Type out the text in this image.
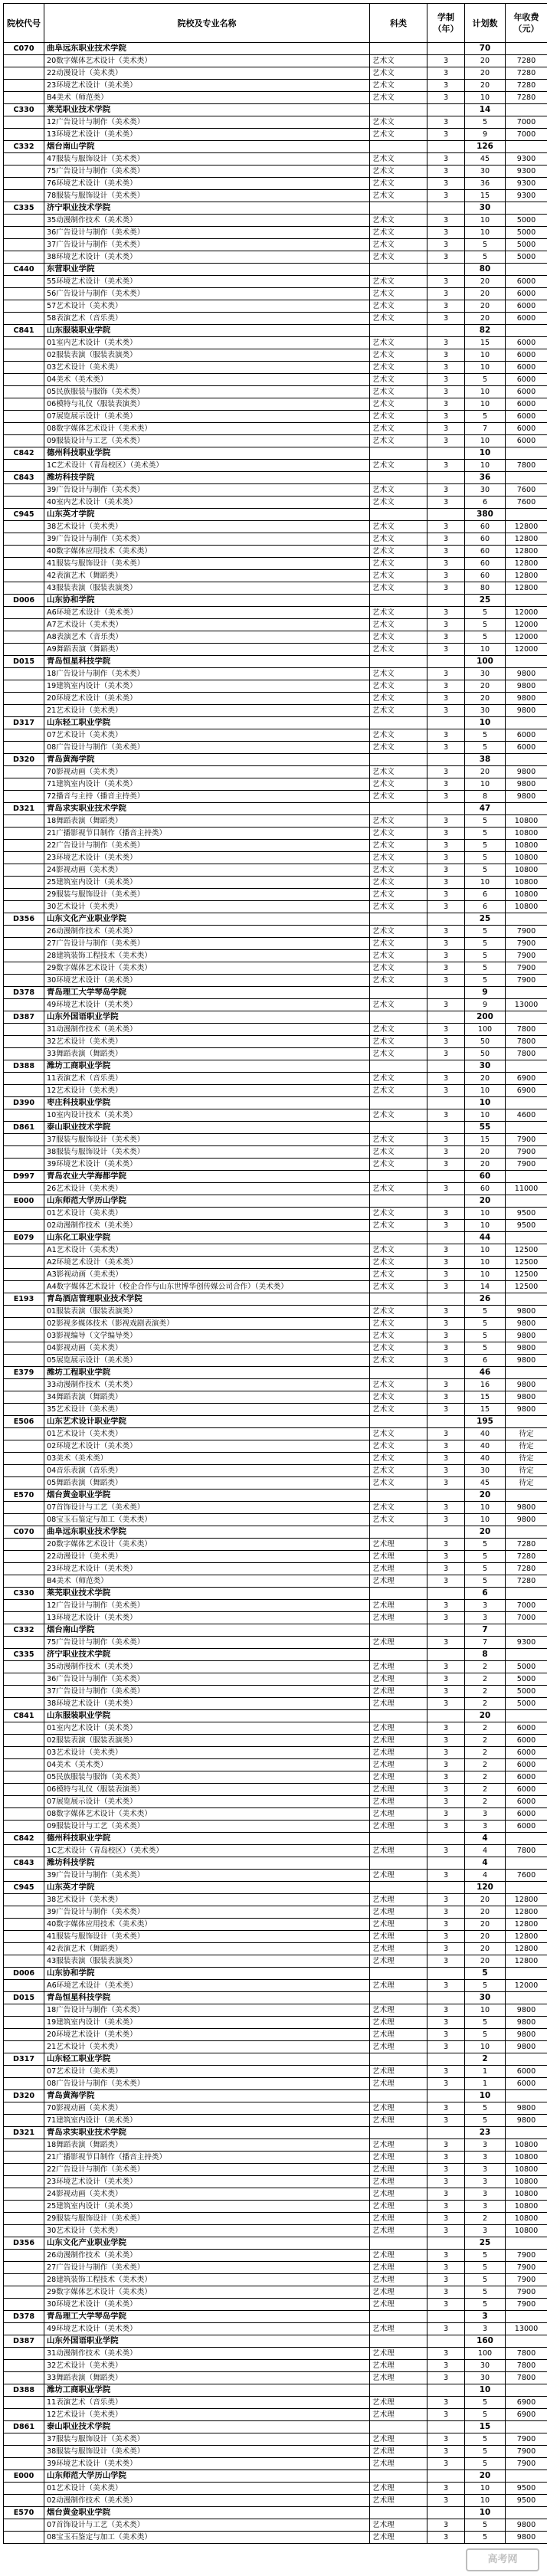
院校代号	院校及专业名称	科类	学制（年）	计划数	年收费（元）
C070	曲阜远东职业技术学院			70	
	20数字媒体艺术设计（美术类）	艺术文	3	20	7280
	22动漫设计（美术类）	艺术文	3	20	7280
	23环境艺术设计（美术类）	艺术文	3	20	7280
	B4美术（师范类）	艺术文	3	10	7280
C330	莱芜职业技术学院			14	
	12广告设计与制作（美术类）	艺术文	3	5	7000
	13环境艺术设计（美术类）	艺术文	3	9	7000
C332	烟台南山学院			126	
	47服装与服饰设计（美术类）	艺术文	3	45	9300
	75广告设计与制作（美术类）	艺术文	3	30	9300
	76环境艺术设计（美术类）	艺术文	3	36	9300
	78服装与服饰设计（美术类）	艺术文	3	15	9300
C335	济宁职业技术学院			30	
	35动漫制作技术（美术类）	艺术文	3	10	5000
	36广告设计与制作（美术类）	艺术文	3	10	5000
	37广告设计与制作（美术类）	艺术文	3	5	5000
	38环境艺术设计（美术类）	艺术文	3	5	5000
C440	东营职业学院			80	
	55环境艺术设计（美术类）	艺术文	3	20	6000
	56广告设计与制作（美术类）	艺术文	3	20	6000
	57艺术设计（美术类）	艺术文	3	20	6000
	58表演艺术（音乐类）	艺术文	3	20	6000
C841	山东服装职业学院			82	
	01室内艺术设计（美术类）	艺术文	3	15	6000
	02服装表演（服装表演类）	艺术文	3	10	6000
	03艺术设计（美术类）	艺术文	3	10	6000
	04美术（美术类）	艺术文	3	5	6000
	05民族服装与服饰（美术类）	艺术文	3	10	6000
	06模特与礼仪（服装表演类）	艺术文	3	10	6000
	07展览展示设计（美术类）	艺术文	3	5	6000
	08数字媒体艺术设计（美术类）	艺术文	3	7	6000
	09服装设计与工艺（美术类）	艺术文	3	10	6000
C842	德州科技职业学院			10	
	1C艺术设计（青岛校区）（美术类）	艺术文	3	10	7800
C843	潍坊科技学院			36	
	39广告设计与制作（美术类）	艺术文	3	30	7600
	40室内艺术设计（美术类）	艺术文	3	6	7600
C945	山东英才学院			380	
	38艺术设计（美术类）	艺术文	3	60	12800
	39广告设计与制作（美术类）	艺术文	3	60	12800
	40数字媒体应用技术（美术类）	艺术文	3	60	12800
	41服装与服饰设计（美术类）	艺术文	3	60	12800
	42表演艺术（舞蹈类）	艺术文	3	60	12800
	43服装表演（服装表演类）	艺术文	3	80	12800
D006	山东协和学院			25	
	A6环境艺术设计（美术类）	艺术文	3	5	12000
	A7艺术设计（美术类）	艺术文	3	5	12000
	A8表演艺术（音乐类）	艺术文	3	5	12000
	A9舞蹈表演（舞蹈类）	艺术文	3	10	12000
D015	青岛恒星科技学院			100	
	18广告设计与制作（美术类）	艺术文	3	30	9800
	19建筑室内设计（美术类）	艺术文	3	20	9800
	20环境艺术设计（美术类）	艺术文	3	20	9800
	21艺术设计（美术类）	艺术文	3	30	9800
D317	山东轻工职业学院			10	
	07艺术设计（美术类）	艺术文	3	5	6000
	08广告设计与制作（美术类）	艺术文	3	5	6000
D320	青岛黄海学院			38	
	70影视动画（美术类）	艺术文	3	20	9800
	71建筑室内设计（美术类）	艺术文	3	10	9800
	72播音与主持（播音主持类）	艺术文	3	8	9800
D321	青岛求实职业技术学院			47	
	18舞蹈表演（舞蹈类）	艺术文	3	5	10800
	21广播影视节目制作（播音主持类）	艺术文	3	5	10800
	22广告设计与制作（美术类）	艺术文	3	5	10800
	23环境艺术设计（美术类）	艺术文	3	5	10800
	24影视动画（美术类）	艺术文	3	5	10800
	25建筑室内设计（美术类）	艺术文	3	10	10800
	29服装与服饰设计（美术类）	艺术文	3	6	10800
	30艺术设计（美术类）	艺术文	3	6	10800
D356	山东文化产业职业学院			25	
	26动漫制作技术（美术类）	艺术文	3	5	7900
	27广告设计与制作（美术类）	艺术文	3	5	7900
	28建筑装饰工程技术（美术类）	艺术文	3	5	7900
	29数字媒体艺术设计（美术类）	艺术文	3	5	7900
	30环境艺术设计（美术类）	艺术文	3	5	7900
D378	青岛理工大学琴岛学院			9	
	49环境艺术设计（美术类）	艺术文	3	9	13000
D387	山东外国语职业学院			200	
	31动漫制作技术（美术类）	艺术文	3	100	7800
	32艺术设计（美术类）	艺术文	3	50	7800
	33舞蹈表演（舞蹈类）	艺术文	3	50	7800
D388	潍坊工商职业学院			30	
	11表演艺术（音乐类）	艺术文	3	20	6900
	12艺术设计（美术类）	艺术文	3	10	6900
D390	枣庄科技职业学院			10	
	10室内设计技术（美术类）	艺术文	3	10	4600
D861	泰山职业技术学院			55	
	37服装与服饰设计（美术类）	艺术文	3	15	7900
	38服装与服饰设计（美术类）	艺术文	3	20	7900
	39环境艺术设计（美术类）	艺术文	3	20	7900
D997	青岛农业大学海都学院			60	
	26艺术设计（美术类）	艺术文	3	60	11000
E000	山东师范大学历山学院			20	
	01艺术设计（美术类）	艺术文	3	10	9500
	02动漫制作技术（美术类）	艺术文	3	10	9500
E079	山东化工职业学院			44	
	A1艺术设计（美术类）	艺术文	3	10	12500
	A2环境艺术设计（美术类）	艺术文	3	10	12500
	A3影视动画（美术类）	艺术文	3	10	12500
	A4数字媒体艺术设计（校企合作与山东世博华创传媒公司合作）（美术类）	艺术文	3	14	12500
E193	青岛酒店管理职业技术学院			26	
	01服装表演（服装表演类）	艺术文	3	5	9800
	02影视多媒体技术（影视戏剧表演类）	艺术文	3	5	9800
	03影视编导（文学编导类）	艺术文	3	5	9800
	04影视动画（美术类）	艺术文	3	5	9800
	05展览展示设计（美术类）	艺术文	3	6	9800
E379	潍坊工程职业学院			46	
	33动漫制作技术（美术类）	艺术文	3	16	9800
	34舞蹈表演（舞蹈类）	艺术文	3	15	9800
	35艺术设计（美术类）	艺术文	3	15	9800
E506	山东艺术设计职业学院			195	
	01艺术设计（美术类）	艺术文	3	40	待定
	02环境艺术设计（美术类）	艺术文	3	40	待定
	03美术（美术类）	艺术文	3	40	待定
	04音乐表演（音乐类）	艺术文	3	30	待定
	05舞蹈表演（舞蹈类）	艺术文	3	45	待定
E570	烟台黄金职业学院			20	
	07首饰设计与工艺（美术类）	艺术文	3	10	9800
	08宝玉石鉴定与加工（美术类）	艺术文	3	10	9800
C070	曲阜远东职业技术学院			20	
	20数字媒体艺术设计（美术类）	艺术理	3	5	7280
	22动漫设计（美术类）	艺术理	3	5	7280
	23环境艺术设计（美术类）	艺术理	3	5	7280
	B4美术（师范类）	艺术理	3	5	7280
C330	莱芜职业技术学院			6	
	12广告设计与制作（美术类）	艺术理	3	3	7000
	13环境艺术设计（美术类）	艺术理	3	3	7000
C332	烟台南山学院			7	
	75广告设计与制作（美术类）	艺术理	3	7	9300
C335	济宁职业技术学院			8	
	35动漫制作技术（美术类）	艺术理	3	2	5000
	36广告设计与制作（美术类）	艺术理	3	2	5000
	37广告设计与制作（美术类）	艺术理	3	2	5000
	38环境艺术设计（美术类）	艺术理	3	2	5000
C841	山东服装职业学院			20	
	01室内艺术设计（美术类）	艺术理	3	2	6000
	02服装表演（服装表演类）	艺术理	3	2	6000
	03艺术设计（美术类）	艺术理	3	2	6000
	04美术（美术类）	艺术理	3	2	6000
	05民族服装与服饰（美术类）	艺术理	3	2	6000
	06模特与礼仪（服装表演类）	艺术理	3	2	6000
	07展览展示设计（美术类）	艺术理	3	2	6000
	08数字媒体艺术设计（美术类）	艺术理	3	3	6000
	09服装设计与工艺（美术类）	艺术理	3	3	6000
C842	德州科技职业学院			4	
	1C艺术设计（青岛校区）（美术类）	艺术理	3	4	7800
C843	潍坊科技学院			4	
	39广告设计与制作（美术类）	艺术理	3	4	7600
C945	山东英才学院			120	
	38艺术设计（美术类）	艺术理	3	20	12800
	39广告设计与制作（美术类）	艺术理	3	20	12800
	40数字媒体应用技术（美术类）	艺术理	3	20	12800
	41服装与服饰设计（美术类）	艺术理	3	20	12800
	42表演艺术（舞蹈类）	艺术理	3	20	12800
	43服装表演（服装表演类）	艺术理	3	20	12800
D006	山东协和学院			5	
	A6环境艺术设计（美术类）	艺术理	3	5	12000
D015	青岛恒星科技学院			30	
	18广告设计与制作（美术类）	艺术理	3	10	9800
	19建筑室内设计（美术类）	艺术理	3	5	9800
	20环境艺术设计（美术类）	艺术理	3	5	9800
	21艺术设计（美术类）	艺术理	3	10	9800
D317	山东轻工职业学院			2	
	07艺术设计（美术类）	艺术理	3	1	6000
	08广告设计与制作（美术类）	艺术理	3	1	6000
D320	青岛黄海学院			10	
	70影视动画（美术类）	艺术理	3	5	9800
	71建筑室内设计（美术类）	艺术理	3	5	9800
D321	青岛求实职业技术学院			23	
	18舞蹈表演（舞蹈类）	艺术理	3	3	10800
	21广播影视节目制作（播音主持类）	艺术理	3	3	10800
	22广告设计与制作（美术类）	艺术理	3	3	10800
	23环境艺术设计（美术类）	艺术理	3	3	10800
	24影视动画（美术类）	艺术理	3	3	10800
	25建筑室内设计（美术类）	艺术理	3	3	10800
	29服装与服饰设计（美术类）	艺术理	3	2	10800
	30艺术设计（美术类）	艺术理	3	3	10800
D356	山东文化产业职业学院			25	
	26动漫制作技术（美术类）	艺术理	3	5	7900
	27广告设计与制作（美术类）	艺术理	3	5	7900
	28建筑装饰工程技术（美术类）	艺术理	3	5	7900
	29数字媒体艺术设计（美术类）	艺术理	3	5	7900
	30环境艺术设计（美术类）	艺术理	3	5	7900
D378	青岛理工大学琴岛学院			3	
	49环境艺术设计（美术类）	艺术理	3	3	13000
D387	山东外国语职业学院			160	
	31动漫制作技术（美术类）	艺术理	3	100	7800
	32艺术设计（美术类）	艺术理	3	30	7800
	33舞蹈表演（舞蹈类）	艺术理	3	30	7800
D388	潍坊工商职业学院			10	
	11表演艺术（音乐类）	艺术理	3	5	6900
	12艺术设计（美术类）	艺术理	3	5	6900
D861	泰山职业技术学院			15	
	37服装与服饰设计（美术类）	艺术理	3	5	7900
	38服装与服饰设计（美术类）	艺术理	3	5	7900
	39环境艺术设计（美术类）	艺术理	3	5	7900
E000	山东师范大学历山学院			20	
	01艺术设计（美术类）	艺术理	3	10	9500
	02动漫制作技术（美术类）	艺术理	3	10	9500
E570	烟台黄金职业学院			10	
	07首饰设计与工艺（美术类）	艺术理	3	5	9800
	08宝玉石鉴定与加工（美术类）	艺术理	3	5	9800
高考网
